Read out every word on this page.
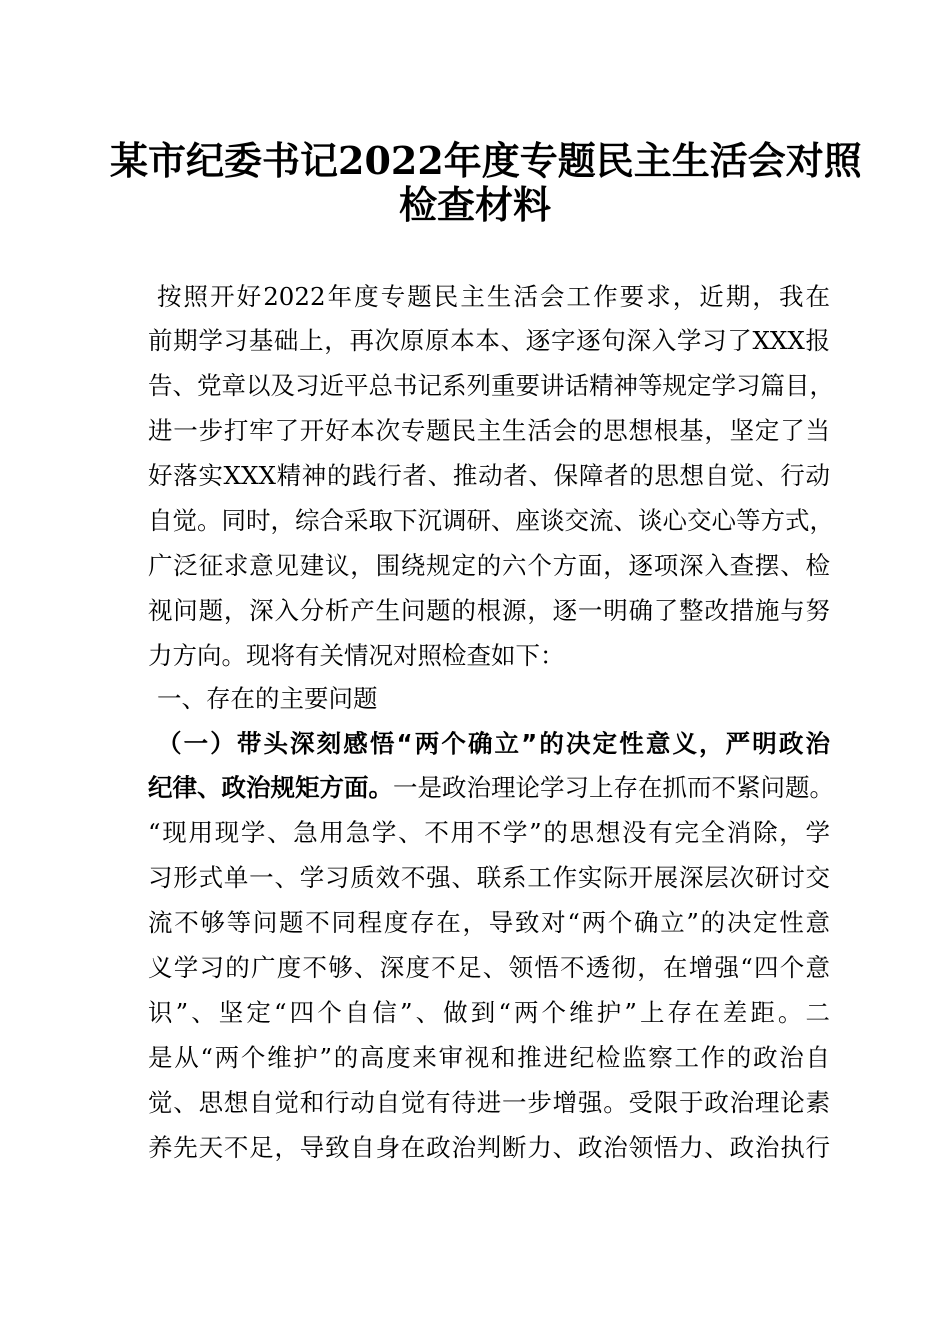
某市纪委书记2022年度专题民主生活会对照
检查材料
按照开好2022年度专题民主生活会工作要求，近期，我在
前期学习基础上，再次原原本本、逐字逐句深入学习了XXX报
告、党章以及习近平总书记系列重要讲话精神等规定学习篇目，
进一步打牢了开好本次专题民主生活会的思想根基，坚定了当
好落实XXX精神的践行者、推动者、保障者的思想自觉、行动
自觉。同时，综合采取下沉调研、座谈交流、谈心交心等方式，
广泛征求意见建议，围绕规定的六个方面，逐项深入查摆、检
视问题，深入分析产生问题的根源，逐一明确了整改措施与努
力方向。现将有关情况对照检查如下：
一、存在的主要问题
（一）带头深刻感悟“两个确立”的决定性意义，严明政治
纪律、政治规矩方面。一是政治理论学习上存在抓而不紧问题。
“现用现学、急用急学、不用不学”的思想没有完全消除，学
习形式单一、学习质效不强、联系工作实际开展深层次研讨交
流不够等问题不同程度存在，导致对“两个确立”的决定性意
义学习的广度不够、深度不足、领悟不透彻，在增强“四个意
识”、坚定“四个自信”、做到“两个维护”上存在差距。二
是从“两个维护”的高度来审视和推进纪检监察工作的政治自
觉、思想自觉和行动自觉有待进一步增强。受限于政治理论素
养先天不足，导致自身在政治判断力、政治领悟力、政治执行
